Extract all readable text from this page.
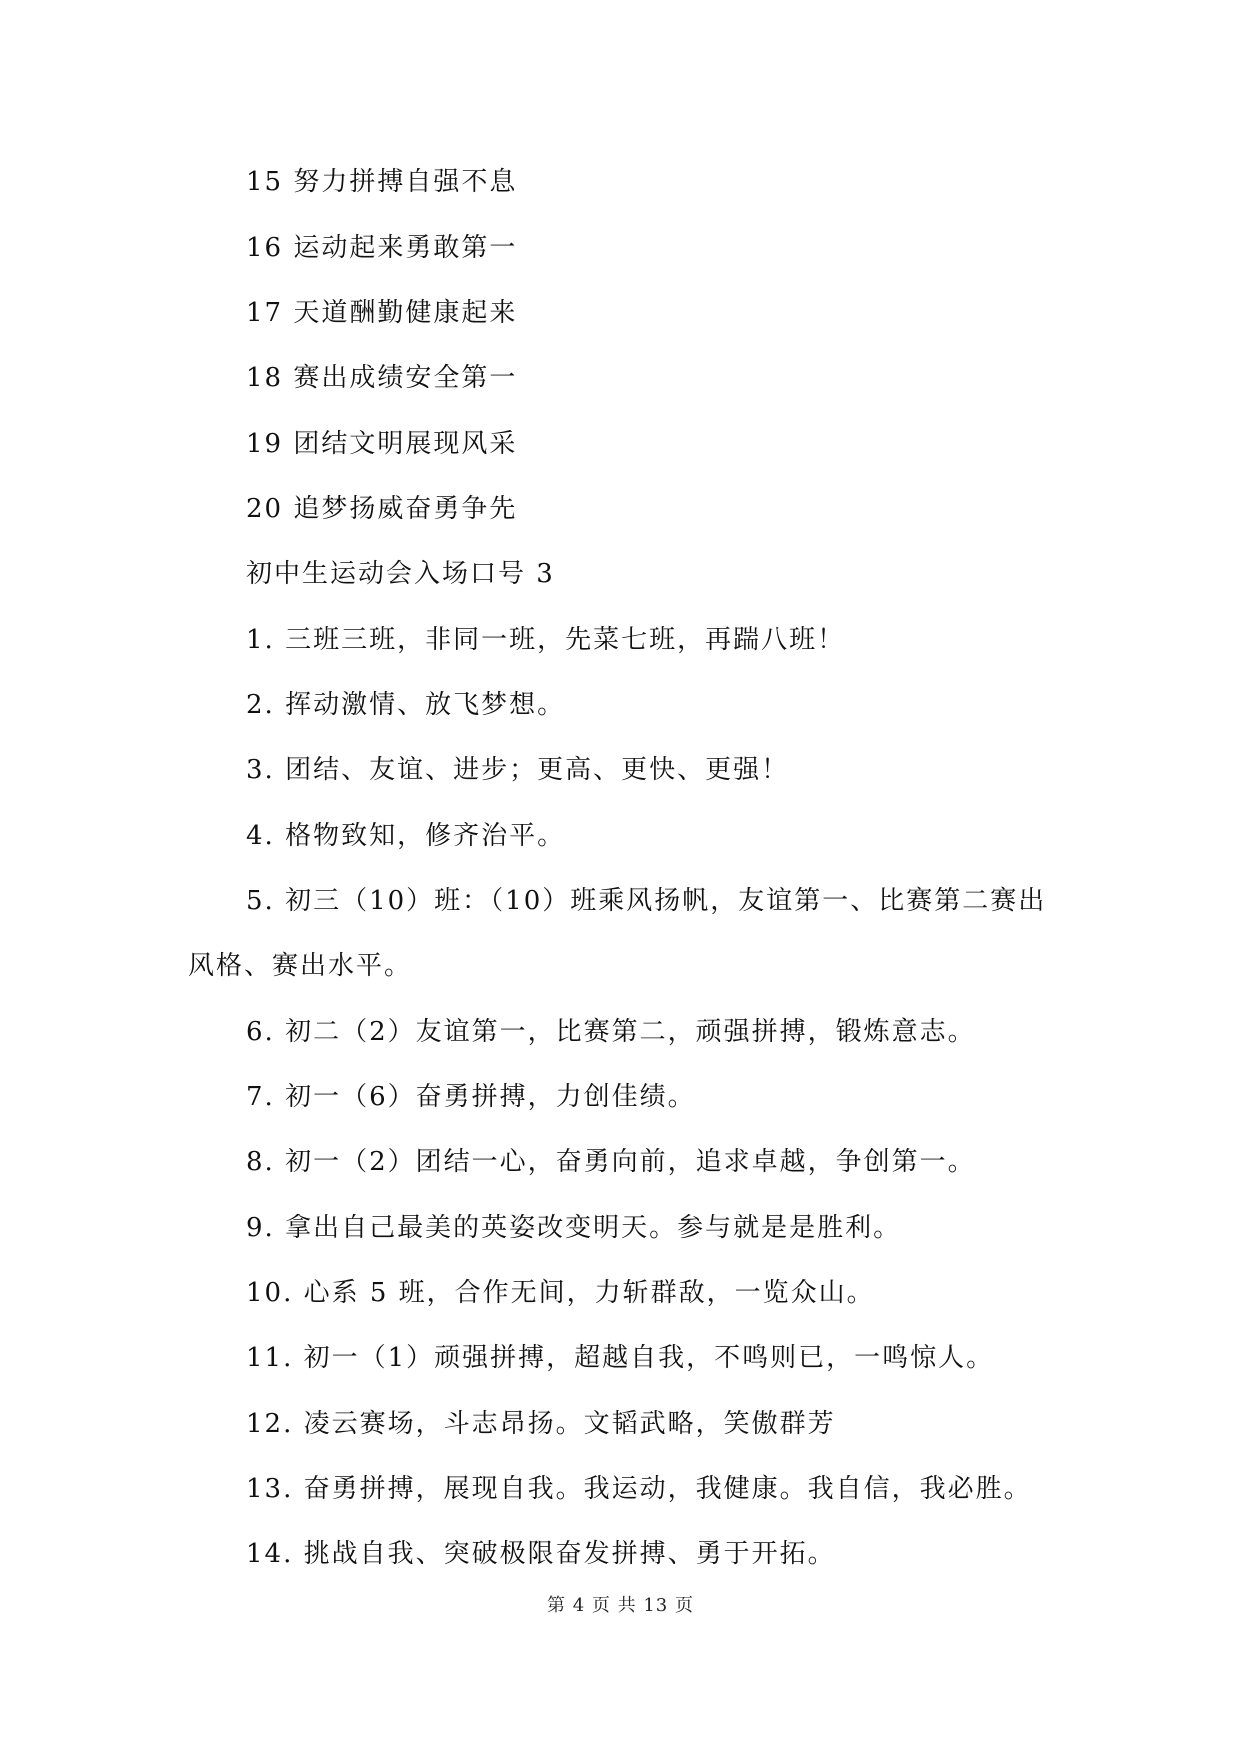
15 努力拼搏自强不息
16 运动起来勇敢第一
17 天道酬勤健康起来
18 赛出成绩安全第一
19 团结文明展现风采
20 追梦扬威奋勇争先
初中生运动会入场口号 3
1. 三班三班，非同一班，先菜七班，再踹八班！
2. 挥动激情、放飞梦想。
3. 团结、友谊、进步；更高、更快、更强！
4. 格物致知，修齐治平。
5. 初三（10）班：（10）班乘风扬帆，友谊第一、比赛第二赛出
风格、赛出水平。
6. 初二（2）友谊第一，比赛第二，顽强拼搏，锻炼意志。
7. 初一（6）奋勇拼搏，力创佳绩。
8. 初一（2）团结一心，奋勇向前，追求卓越，争创第一。
9. 拿出自己最美的英姿改变明天。参与就是是胜利。
10. 心系 5 班，合作无间，力斩群敌，一览众山。
11. 初一（1）顽强拼搏，超越自我，不鸣则已，一鸣惊人。
12. 凌云赛场，斗志昂扬。文韬武略，笑傲群芳
13. 奋勇拼搏，展现自我。我运动，我健康。我自信，我必胜。
14. 挑战自我、突破极限奋发拼搏、勇于开拓。
第 4 页 共 13 页
